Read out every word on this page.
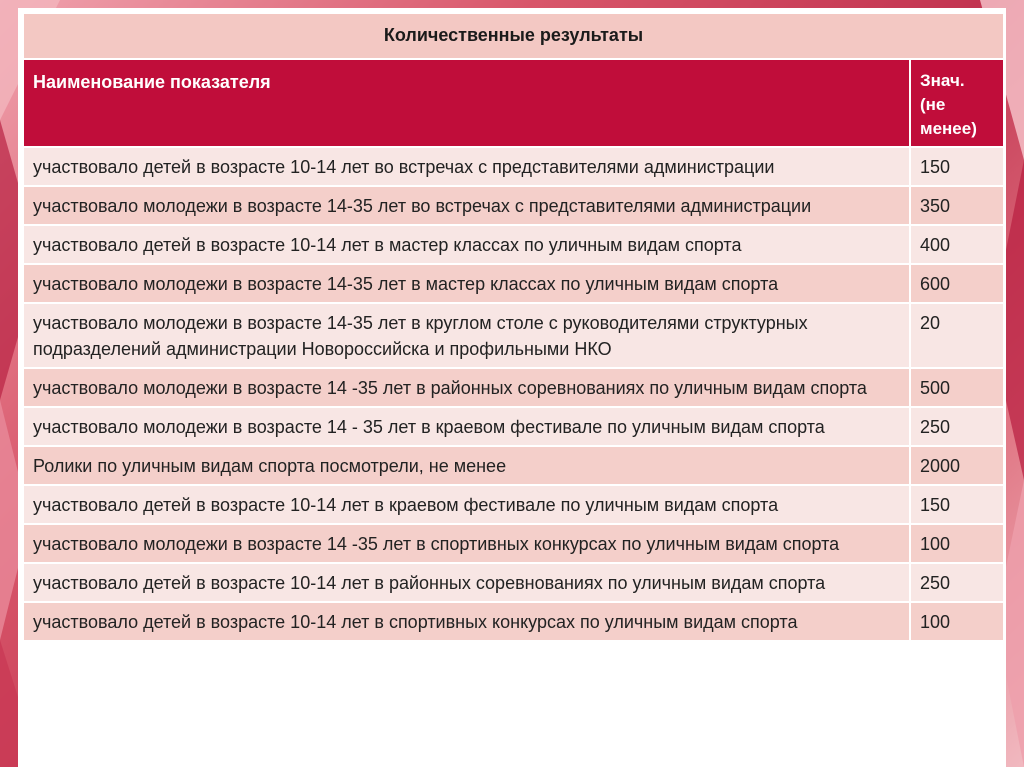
Количественные результаты	
Наименование показателя	Знач. (не менее)
участвовало детей в возрасте 10-14 лет во встречах с представителями администрации	150
участвовало молодежи в возрасте 14-35 лет во встречах с представителями администрации	350
участвовало детей в возрасте 10-14 лет в мастер классах по уличным видам спорта	400
участвовало молодежи в возрасте 14-35 лет в мастер классах по уличным видам спорта	600
участвовало молодежи в возрасте 14-35 лет в круглом столе с руководителями структурных подразделений администрации Новороссийска и профильными НКО	20
участвовало молодежи в возрасте 14 -35 лет в районных соревнованиях по уличным видам спорта	500
участвовало молодежи в возрасте 14 - 35 лет в краевом фестивале по уличным видам спорта	250
Ролики по уличным видам спорта посмотрели, не менее	2000
участвовало детей в возрасте 10-14 лет в краевом фестивале по уличным видам спорта	150
участвовало молодежи в возрасте 14 -35 лет в спортивных конкурсах по уличным видам спорта	100
участвовало детей в возрасте 10-14 лет в районных соревнованиях по уличным видам спорта	250
участвовало детей в возрасте 10-14 лет в спортивных конкурсах по уличным видам спорта	100
